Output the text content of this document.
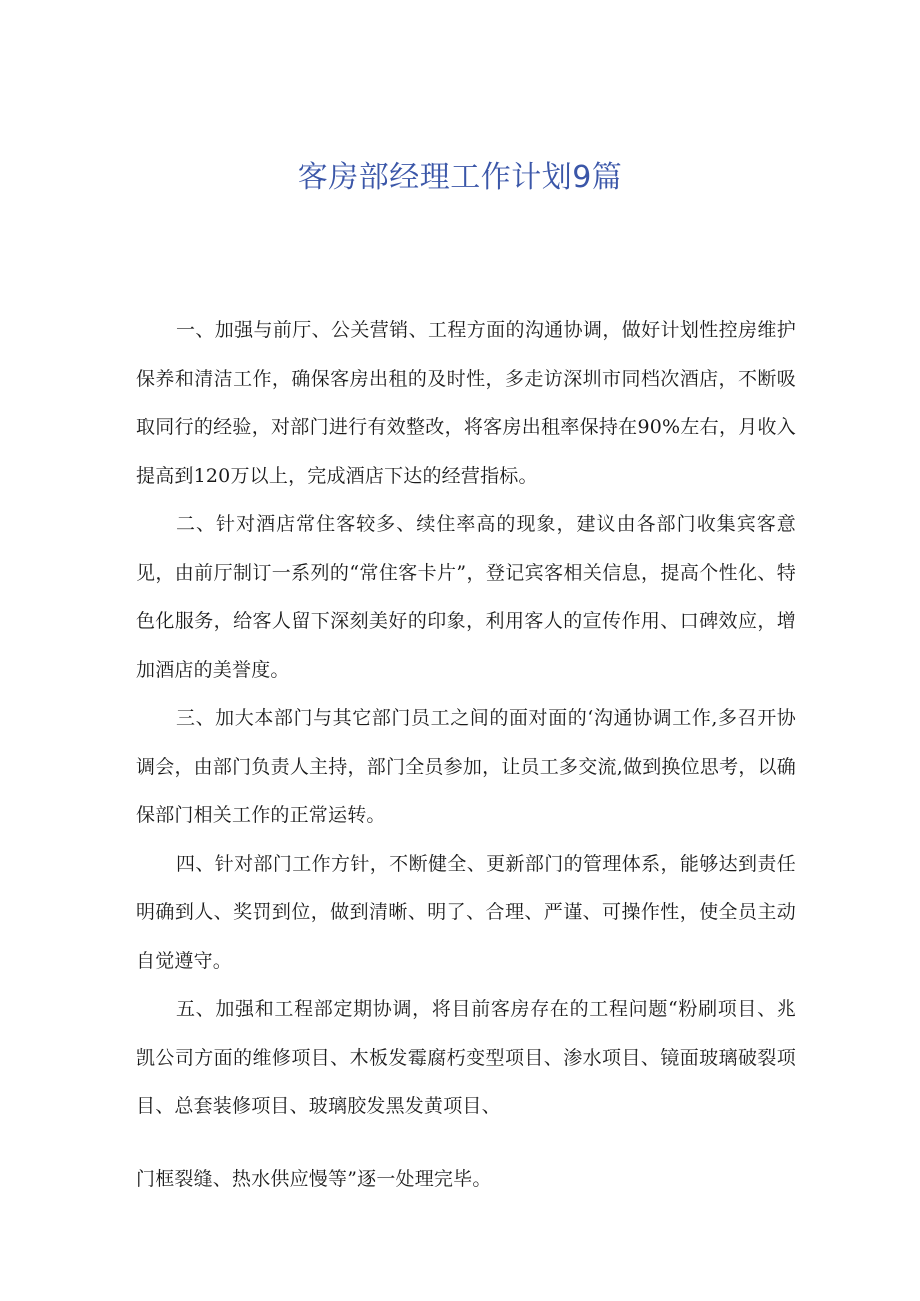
客房部经理工作计划9篇

一、加强与前厅、公关营销、工程方面的沟通协调，做好计划性控房维护保养和清洁工作，确保客房出租的及时性，多走访深圳市同档次酒店，不断吸取同行的经验，对部门进行有效整改，将客房出租率保持在90%左右，月收入提高到120万以上，完成酒店下达的经营指标。

二、针对酒店常住客较多、续住率高的现象，建议由各部门收集宾客意见，由前厅制订一系列的“常住客卡片”，登记宾客相关信息，提高个性化、特色化服务，给客人留下深刻美好的印象，利用客人的宣传作用、口碑效应，增加酒店的美誉度。

三、加大本部门与其它部门员工之间的面对面的‘沟通协调工作,多召开协调会，由部门负责人主持，部门全员参加，让员工多交流,做到换位思考，以确保部门相关工作的正常运转。

四、针对部门工作方针，不断健全、更新部门的管理体系，能够达到责任明确到人、奖罚到位，做到清晰、明了、合理、严谨、可操作性，使全员主动自觉遵守。

五、加强和工程部定期协调，将目前客房存在的工程问题“粉刷项目、兆凯公司方面的维修项目、木板发霉腐朽变型项目、渗水项目、镜面玻璃破裂项目、总套装修项目、玻璃胶发黑发黄项目、

门框裂缝、热水供应慢等”逐一处理完毕。
